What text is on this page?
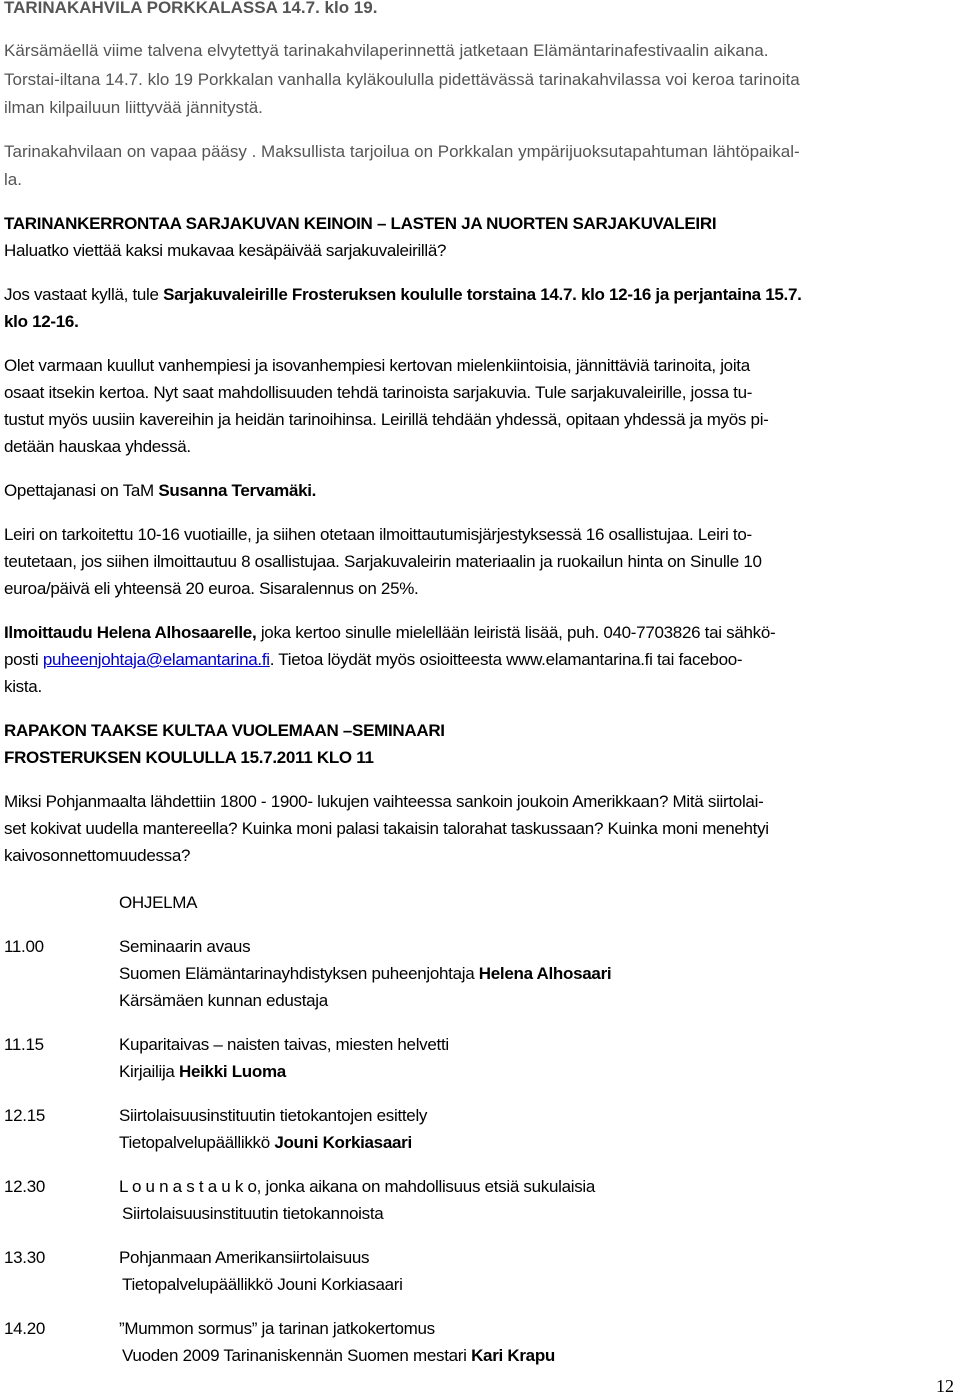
TARINAKAHVILA PORKKALASSA 14.7. klo 19.
Kärsämäellä viime talvena elvytettyä tarinakahvilaperinnettä jatketaan Elämäntarinafestivaalin aikana.
Torstai-iltana 14.7. klo 19 Porkkalan vanhalla kyläkoululla pidettävässä tarinakahvilassa voi keroa tarinoita
ilman kilpailuun liittyvää jännitystä.
Tarinakahvilaan on vapaa pääsy . Maksullista tarjoilua on Porkkalan ympärijuoksutapahtuman lähtöpaikal-
la.
TARINANKERRONTAA SARJAKUVAN KEINOIN – LASTEN JA NUORTEN SARJAKUVALEIRI
Haluatko viettää kaksi mukavaa kesäpäivää sarjakuvaleirillä?
Jos vastaat kyllä, tule Sarjakuvaleirille Frosteruksen koululle torstaina 14.7. klo 12-16 ja perjantaina 15.7.
klo 12-16.
Olet varmaan kuullut vanhempiesi ja isovanhempiesi kertovan mielenkiintoisia, jännittäviä tarinoita, joita
osaat itsekin kertoa. Nyt saat mahdollisuuden tehdä tarinoista sarjakuvia. Tule sarjakuvaleirille, jossa tu-
tustut myös uusiin kavereihin ja heidän tarinoihinsa. Leirillä tehdään yhdessä, opitaan yhdessä ja myös pi-
detään hauskaa yhdessä.
Opettajanasi on TaM Susanna Tervamäki.
Leiri on tarkoitettu 10-16 vuotiaille, ja siihen otetaan ilmoittautumisjärjestyksessä 16 osallistujaa. Leiri to-
teutetaan, jos siihen ilmoittautuu 8 osallistujaa. Sarjakuvaleirin materiaalin ja ruokailun hinta on Sinulle 10
euroa/päivä eli yhteensä 20 euroa. Sisaralennus on 25%.
Ilmoittaudu Helena Alhosaarelle, joka kertoo sinulle mielellään leiristä lisää, puh. 040-7703826 tai sähkö-
posti puheenjohtaja@elamantarina.fi. Tietoa löydät myös osioitteesta www.elamantarina.fi tai faceboo-
kista.
RAPAKON TAAKSE KULTAA VUOLEMAAN –SEMINAARI
FROSTERUKSEN KOULULLA 15.7.2011 KLO 11
Miksi Pohjanmaalta lähdettiin 1800 - 1900- lukujen vaihteessa sankoin joukoin Amerikkaan? Mitä siirtolai-
set kokivat uudella mantereella? Kuinka moni palasi takaisin talorahat taskussaan? Kuinka moni menehtyi
kaivosonnettomuudessa?
OHJELMA
11.00	Seminaarin avaus
Suomen Elämäntarinayhdistyksen puheenjohtaja Helena Alhosaari
Kärsämäen kunnan edustaja
11.15	Kuparitaivas – naisten taivas, miesten helvetti
Kirjailija Heikki Luoma
12.15	Siirtolaisuusinstituutin tietokantojen esittely
Tietopalvelupäällikkö Jouni Korkiasaari
12.30	L o u n a s t a u k o, jonka aikana on mahdollisuus etsiä sukulaisia
Siirtolaisuusinstituutin tietokannoista
13.30	Pohjanmaan Amerikansiirtolaisuus
Tietopalvelupäällikkö Jouni Korkiasaari
14.20	”Mummon sormus” ja tarinan jatkokertomus
Vuoden 2009 Tarinaniskennän Suomen mestari Kari Krapu
12
